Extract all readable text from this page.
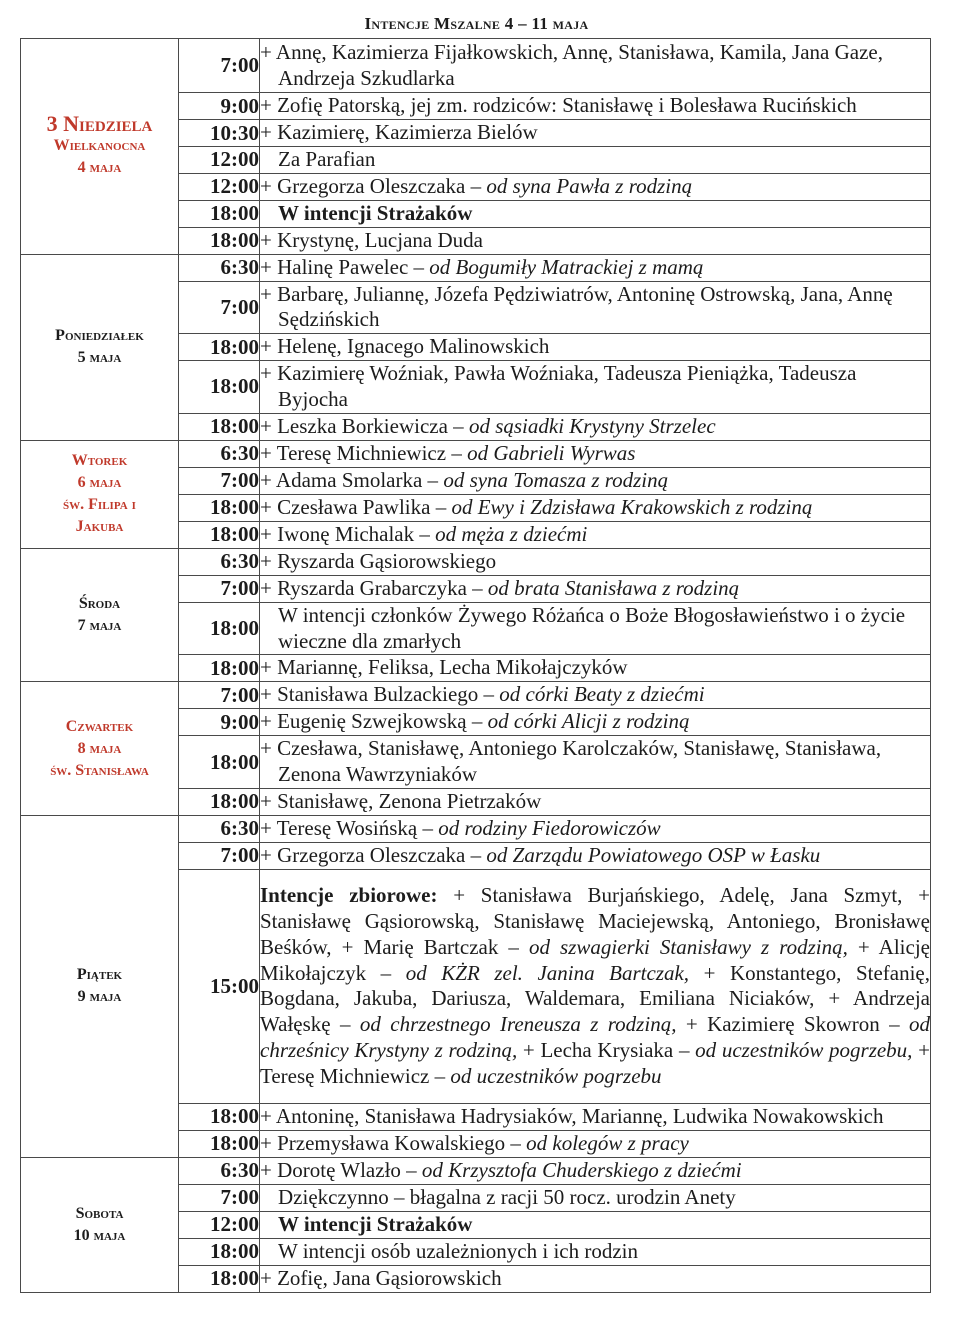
Intencje Mszalne 4 – 11 maja
3 Niedziela
Wielkanocna
4 maja	7:00	+ Annę, Kazimierza Fijałkowskich, Annę, Stanisława, Kamila, Jana Gaze, Andrzeja Szkudlarka

	9:00	+ Zofię Patorską, jej zm. rodziców: Stanisławę i Bolesława Rucińskich

	10:30	+ Kazimierę, Kazimierza Bielów

	12:00	Za Parafian

	12:00	+ Grzegorza Oleszczaka – od syna Pawła z rodziną

	18:00	W intencji Strażaków

	18:00	+ Krystynę, Lucjana Duda

Poniedziałek
5 maja	6:30	+ Halinę Pawelec – od Bogumiły Matrackiej z mamą

	7:00	+ Barbarę, Juliannę, Józefa Pędziwiatrów, Antoninę Ostrowską, Jana, Annę Sędzińskich

	18:00	+ Helenę, Ignacego Malinowskich

	18:00	+ Kazimierę Woźniak, Pawła Woźniaka, Tadeusza Pieniążka, Tadeusza Byjocha

	18:00	+ Leszka Borkiewicza – od sąsiadki Krystyny Strzelec

Wtorek
6 maja
św. Filipa i
Jakuba	6:30	+ Teresę Michniewicz – od Gabrieli Wyrwas

	7:00	+ Adama Smolarka – od syna Tomasza z rodziną

	18:00	+ Czesława Pawlika – od Ewy i Zdzisława Krakowskich z rodziną

	18:00	+ Iwonę Michalak – od męża z dziećmi

Środa
7 maja	6:30	+ Ryszarda Gąsiorowskiego

	7:00	+ Ryszarda Grabarczyka – od brata Stanisława z rodziną

	18:00	W intencji członków Żywego Różańca o Boże Błogosławieństwo i o życie wieczne dla zmarłych

	18:00	+ Mariannę, Feliksa, Lecha Mikołajczyków

Czwartek
8 maja
św. Stanisława	7:00	+ Stanisława Bulzackiego – od córki Beaty z dziećmi

	9:00	+ Eugenię Szwejkowską – od córki Alicji z rodziną

	18:00	+ Czesława, Stanisławę, Antoniego Karolczaków, Stanisławę, Stanisława, Zenona Wawrzyniaków

	18:00	+ Stanisławę, Zenona Pietrzaków

Piątek
9 maja	6:30	+ Teresę Wosińską – od rodziny Fiedorowiczów

	7:00	+ Grzegorza Oleszczaka – od Zarządu Powiatowego OSP w Łasku

	15:00	Intencje zbiorowe: + Stanisława Burjańskiego, Adelę, Jana Szmyt, + Stanisławę Gąsiorowską, Stanisławę Maciejewską, Antoniego, Bronisławę Beśków, + Marię Bartczak – od szwagierki Stanisławy z rodziną, + Alicję Mikołajczyk – od KŻR zel. Janina Bartczak, + Konstantego, Stefanię, Bogdana, Jakuba, Dariusza, Waldemara, Emiliana Niciaków, + Andrzeja Wałęskę – od chrzestnego Ireneusza z rodziną, + Kazimierę Skowron – od chrześnicy Krystyny z rodziną, + Lecha Krysiaka – od uczestników pogrzebu, + Teresę Michniewicz – od uczestników pogrzebu

	18:00	+ Antoninę, Stanisława Hadrysiaków, Mariannę, Ludwika Nowakowskich

	18:00	+ Przemysława Kowalskiego – od kolegów z pracy

Sobota
10 maja	6:30	+ Dorotę Wlazło – od Krzysztofa Chuderskiego z dziećmi

	7:00	Dziękczynno – błagalna z racji 50 rocz. urodzin Anety

	12:00	W intencji Strażaków

	18:00	W intencji osób uzależnionych i ich rodzin

	18:00	+ Zofię, Jana Gąsiorowskich
